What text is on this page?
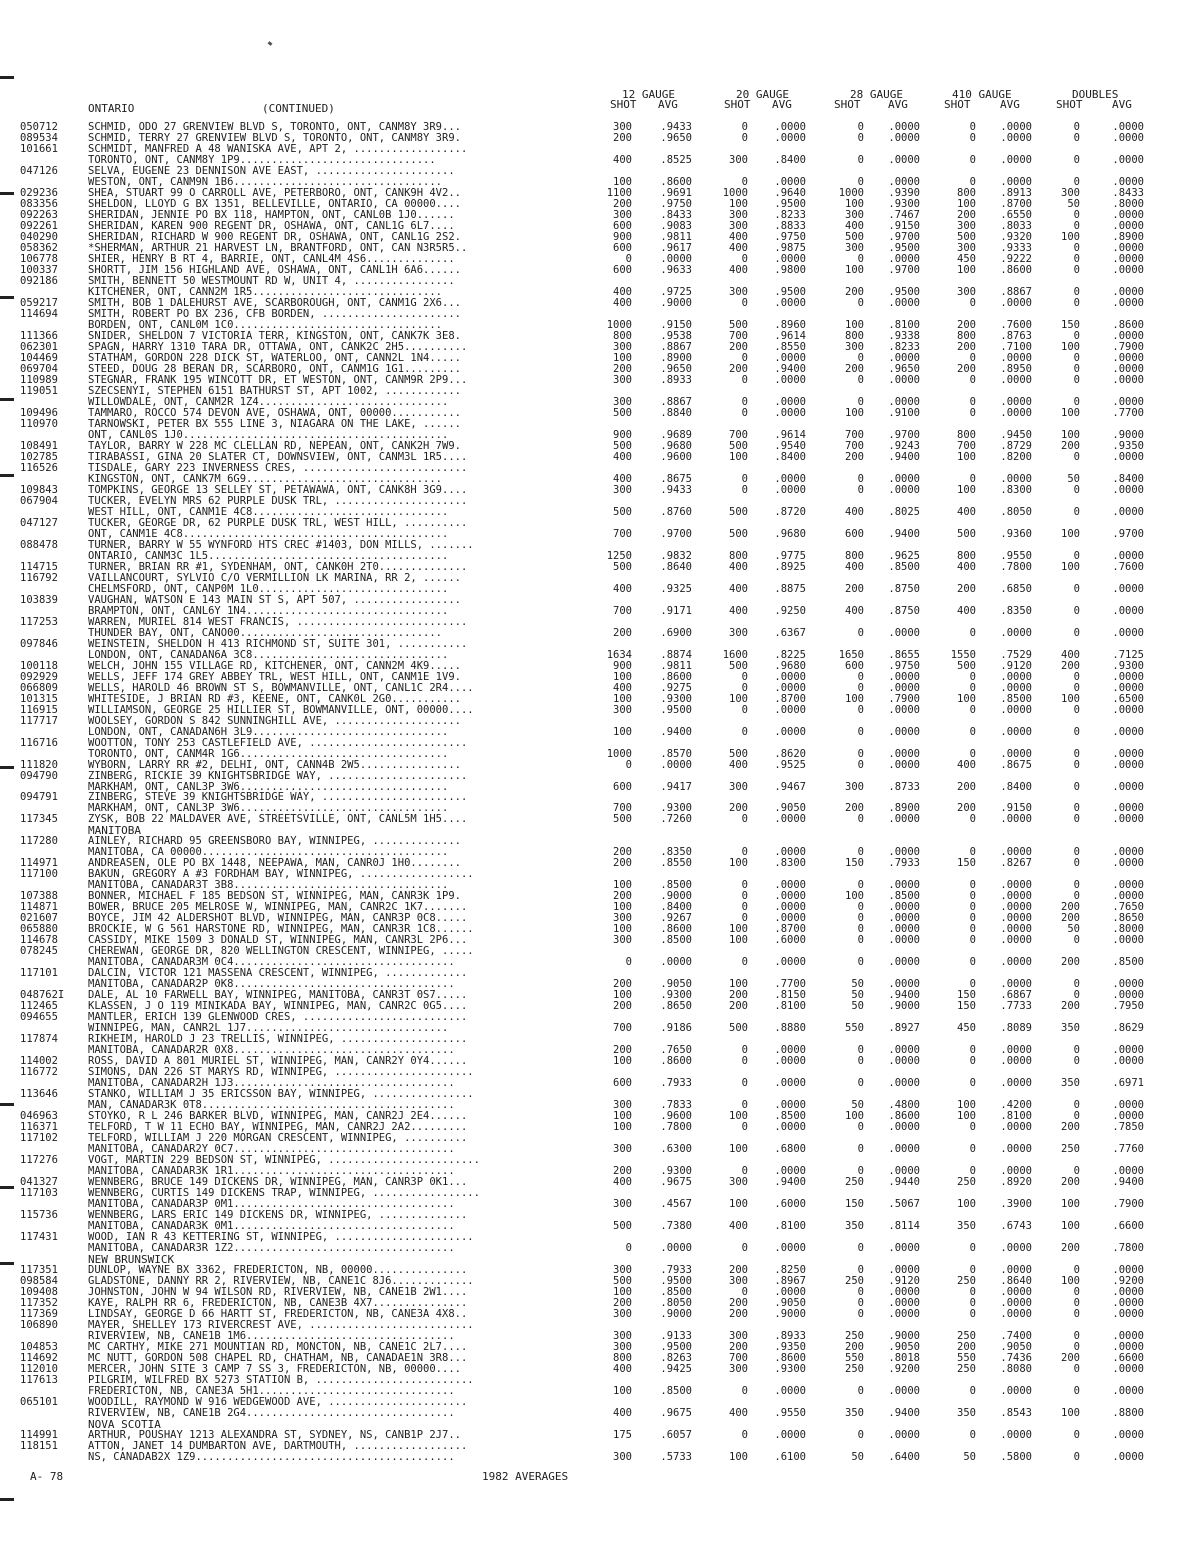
ONTARIO	(CONTINUED)
12 GAUGE	20 GAUGE	28 GAUGE	410 GAUGE	DOUBLES
SHOT AVG	SHOT AVG	SHOT	AVG	SHOT	AVG	SHOT	AVG
050712	SCHMID, ODO 27 GRENVIEW BLVD S, TORONTO, ONT, CANM8Y 3R9...	300	.9433	0	.0000	0 .0000	0 .0000	0	.0000
089534	SCHMID, TERRY 27 GRENVIEW BLVD S, TORONTO, ONT, CANM8Y 3R9.	200	.9650	0	.0000	0 .0000	0 .0000	0	.0000
101661	SCHMIDT, MANFRED A 48 WANISKA AVE, APT 2, ..................
TORONTO, ONT, CANM8Y 1P9...............................	400	.8525	300	.8400	0 .0000	0 .0000	0	.0000
047126	SELVA, EUGENE 23 DENNISON AVE EAST, ......................
WESTON, ONT, CANM9N 1B6.................................	100	.8600	0	.0000	0 .0000	0 .0000	0	.0000
029236	SHEA, STUART 99 O CARROLL AVE, PETERBORO, ONT, CANK9H 4V2..	1100	.9691	1000	.9640	1000 .9390	800 .8913	300	.8433
083356	SHELDON, LLOYD G BX 1351, BELLEVILLE, ONTARIO, CA 00000....	200	.9750	100	.9500	100 .9300	100 .8700	50	.8000
092263	SHERIDAN, JENNIE PO BX 118, HAMPTON, ONT, CANL0B 1J0......	300	.8433	300	.8233	300 .7467	200 .6550	0	.0000
092261	SHERIDAN, KAREN 900 REGENT DR, OSHAWA, ONT, CANL1G 6L7....	600	.9083	300	.8833	400 .9150	300 .8033	0	.0000
040290	SHERIDAN, RICHARD W 900 REGENT DR, OSHAWA, ONT, CANL1G 2S2.	900	.9811	400	.9750	500 .9700	500 .9320	100	.8900
058362	*SHERMAN, ARTHUR 21 HARVEST LN, BRANTFORD, ONT, CAN N3R5R5..	600	.9617	400	.9875	300 .9500	300 .9333	0	.0000
106778	SHIER, HENRY B RT 4, BARRIE, ONT, CANL4M 4S6..............	0	.0000	0	.0000	0 .0000	450 .9222	0	.0000
100337	SHORTT, JIM 156 HIGHLAND AVE, OSHAWA, ONT, CANL1H 6A6......	600	.9633	400	.9800	100 .9700	100 .8600	0	.0000
092186	SMITH, BENNETT 50 WESTMOUNT RD W, UNIT 4, ................
KITCHENER, ONT, CANN2M 1R5..............................	400	.9725	300	.9500	200 .9500	300 .8867	0	.0000
059217	SMITH, BOB 1 DALEHURST AVE, SCARBOROUGH, ONT, CANM1G 2X6...	400	.9000	0	.0000	0 .0000	0 .0000	0	.0000
114694	SMITH, ROBERT PO BX 236, CFB BORDEN, ......................
BORDEN, ONT, CANL0M 1C0.................................	1000	.9150	500	.8960	100 .8100	200 .7600	150	.8600
111366	SNIDER, SHELDON 7 VICTORIA TERR, KINGSTON, ONT, CANK7K 3E8.	800	.9538	700	.9614	800 .9338	800 .8763	0	.0000
062301	SPAGN, HARRY 1310 TARA DR, OTTAWA, ONT, CANK2C 2H5..........	300	.8867	200	.8550	300 .8233	200 .7100	100	.7900
104469	STATHAM, GORDON 228 DICK ST, WATERLOO, ONT, CANN2L 1N4.....	100	.8900	0	.0000	0 .0000	0 .0000	0	.0000
069704	STEED, DOUG 28 BERAN DR, SCARBORO, ONT, CANM1G 1G1.........	200	.9650	200	.9400	200 .9650	200 .8950	0	.0000
110989	STEGNAR, FRANK 195 WINCOTT DR, ET WESTON, ONT, CANM9R 2P9...	300	.8933	0	.0000	0 .0000	0 .0000	0	.0000
119051	SZECSENYI, STEPHEN 6151 BATHURST ST, APT 1002, ............
WILLOWDALE, ONT, CANM2R 1Z4..............................	300	.8867	0	.0000	0 .0000	0 .0000	0	.0000
109496	TAMMARO, ROCCO 574 DEVON AVE, OSHAWA, ONT, 00000...........	500	.8840	0	.0000	100 .9100	0 .0000	100	.7700
110970	TARNOWSKI, PETER BX 555 LINE 3, NIAGARA ON THE LAKE, ......
ONT, CANL0S 1J0..........................................	900	.9689	700	.9614	700 .9700	800 .9450	100	.9000
108491	TAYLOR, BARRY W 228 MC CLELLAN RD, NEPEAN, ONT, CANK2H 7W9.	500	.9680	500	.9540	700 .9243	700 .8729	200	.9350
102785	TIRABASSI, GINA 20 SLATER CT, DOWNSVIEW, ONT, CANM3L 1R5....	400	.9600	100	.8400	200 .9400	100 .8200	0	.0000
116526	TISDALE, GARY 223 INVERNESS CRES, ..........................
KINGSTON, ONT, CANK7M 6G9...............................	400	.8675	0	.0000	0 .0000	0 .0000	50	.8400
109843	TOMPKINS, GEORGE 13 SELLEY ST, PETAWAWA, ONT, CANK8H 3G9....	300	.9433	0	.0000	0 .0000	100 .8300	0	.0000
067904	TUCKER, EVELYN MRS 62 PURPLE DUSK TRL, .....................
WEST HILL, ONT, CANM1E 4C8...............................	500	.8760	500	.8720	400 .8025	400 .8050	0	.0000
047127	TUCKER, GEORGE DR, 62 PURPLE DUSK TRL, WEST HILL, ..........
ONT, CANM1E 4C8..........................................	700	.9700	500	.9680	600 .9400	500 .9360	100	.9700
088478	TURNER, BARRY W 55 WYNFORD HTS CREC #1403, DON MILLS, .......
ONTARIO, CANM3C 1L5......................................	1250	.9832	800	.9775	800 .9625	800 .9550	0	.0000
114715	TURNER, BRIAN RR #1, SYDENHAM, ONT, CANK0H 2T0..............	500	.8640	400	.8925	400 .8500	400 .7800	100	.7600
116792	VAILLANCOURT, SYLVIO C/O VERMILLION LK MARINA, RR 2, ......
CHELMSFORD, ONT, CANP0M 1L0..............................	400	.9325	400	.8875	200 .8750	200 .6850	0	.0000
103839	VAUGHAN, WATSON E 143 MAIN ST S, APT 507, .................
BRAMPTON, ONT, CANL6Y 1N4................................	700	.9171	400	.9250	400 .8750	400 .8350	0	.0000
117253	WARREN, MURIEL 814 WEST FRANCIS, ...........................
THUNDER BAY, ONT, CANO00................................	200	.6900	300	.6367	0 .0000	0 .0000	0	.0000
097846	WEINSTEIN, SHELDON H 413 RICHMOND ST, SUITE 301, ...........
LONDON, ONT, CANADAN6A 3C8...............................	1634	.8874	1600	.8225	1650 .8655	1550 .7529	400	.7125
100118	WELCH, JOHN 155 VILLAGE RD, KITCHENER, ONT, CANN2M 4K9.....	900	.9811	500	.9680	600 .9750	500 .9120	200	.9300
092929	WELLS, JEFF 174 GREY ABBEY TRL, WEST HILL, ONT, CANM1E 1V9.	100	.8600	0	.0000	0 .0000	0 .0000	0	.0000
066809	WELLS, HAROLD 46 BROWN ST S, BOWMANVILLE, ONT, CANL1C 2R4....	400	.9275	0	.0000	0 .0000	0 .0000	0	.0000
101315	WHITESIDE, J BRIAN RD #3, KEENE, ONT, CANK0L 2G0...........	100	.9300	100	.8700	100 .7900	100 .8500	100	.6500
116915	WILLIAMSON, GEORGE 25 HILLIER ST, BOWMANVILLE, ONT, 00000....	300	.9500	0	.0000	0 .0000	0 .0000	0	.0000
117717	WOOLSEY, GORDON S 842 SUNNINGHILL AVE, ....................
LONDON, ONT, CANADAN6H 3L9...............................	100	.9400	0	.0000	0 .0000	0 .0000	0	.0000
116716	WOOTTON, TONY 253 CASTLEFIELD AVE, .........................
TORONTO, ONT, CANM4R 1G6.................................	1000	.8570	500	.8620	0 .0000	0 .0000	0	.0000
111820	WYBORN, LARRY RR #2, DELHI, ONT, CANN4B 2W5................	0	.0000	400	.9525	0 .0000	400 .8675	0	.0000
094790	ZINBERG, RICKIE 39 KNIGHTSBRIDGE WAY, ......................
MARKHAM, ONT, CANL3P 3W6.................................	600	.9417	300	.9467	300 .8733	200 .8400	0	.0000
094791	ZINBERG, STEVE 39 KNIGHTSBRIDGE WAY, .......................
MARKHAM, ONT, CANL3P 3W6.................................	700	.9300	200	.9050	200 .8900	200 .9150	0	.0000
117345	ZYSK, BOB 22 MALDAVER AVE, STREETSVILLE, ONT, CANL5M 1H5....	500	.7260	0	.0000	0 .0000	0 .0000	0	.0000
MANITOBA
117280	AINLEY, RICHARD 95 GREENSBORO BAY, WINNIPEG, ..............
MANITOBA, CA 00000.......................................	200	.8350	0	.0000	0 .0000	0 .0000	0	.0000
114971	ANDREASEN, OLE PO BX 1448, NEEPAWA, MAN, CANR0J 1H0........	200	.8550	100	.8300	150 .7933	150 .8267	0	.0000
117100	BAKUN, GREGORY A #3 FORDHAM BAY, WINNIPEG, ..................
MANITOBA, CANADAR3T 3B8..................................	100	.8500	0	.0000	0 .0000	0 .0000	0	.0000
107388	BONNER, MICHAEL F 185 BEDSON ST, WINNIPEG, MAN, CANR3K 1P9.	200	.9000	0	.0000	100 .8500	0 .0000	0	.0000
114871	BOWER, BRUCE 205 MELROSE W, WINNIPEG, MAN, CANR2C 1K7.......	100	.8400	0	.0000	0 .0000	0 .0000	200	.7650
021607	BOYCE, JIM 42 ALDERSHOT BLVD, WINNIPEG, MAN, CANR3P 0C8.....	300	.9267	0	.0000	0 .0000	0 .0000	200	.8650
065880	BROCKIE, W G 561 HARSTONE RD, WINNIPEG, MAN, CANR3R 1C8......	100	.8600	100	.8700	0 .0000	0 .0000	50	.8000
114678	CASSIDY, MIKE 1509 3 DONALD ST, WINNIPEG, MAN, CANR3L 2P6...	300	.8500	100	.6000	0 .0000	0 .0000	0	.0000
078245	CHEREWAN, GEORGE DR, 820 WELLINGTON CRESCENT, WINNIPEG, .....
MANITOBA, CANADAR3M 0C4...................................	0	.0000	0	.0000	0 .0000	0 .0000	200	.8500
117101	DALCIN, VICTOR 121 MASSENA CRESCENT, WINNIPEG, .............
MANITOBA, CANADAR2P 0K8...................................	200	.9050	100	.7700	50 .0000	0 .0000	0	.0000
048762I DALE, AL 10 FARWELL BAY, WINNIPEG, MANITOBA, CANR3T 0S7.....	100	.9300	200	.8150	50 .9400	150 .6867	0	.0000
112465	KLASSEN, J O 119 MINIKADA BAY, WINNIPEG, MAN, CANR2C 0G5....	200	.8650	200	.8100	50 .9000	150 .7733	200	.7950
094655	MANTLER, ERICH 139 GLENWOOD CRES, ..........................
WINNIPEG, MAN, CANR2L 1J7................................	700	.9186	500	.8880	550 .8927	450 .8089	350	.8629
117874	RIKHEIM, HAROLD J 23 TRELLIS, WINNIPEG, ....................
MANITOBA, CANADAR2R 0X8...................................	200	.7650	0	.0000	0 .0000	0 .0000	0	.0000
114002	ROSS, DAVID A 801 MURIEL ST, WINNIPEG, MAN, CANR2Y 0Y4......	100	.8600	0	.0000	0 .0000	0 .0000	0	.0000
116772	SIMONS, DAN 226 ST MARYS RD, WINNIPEG, ......................
MANITOBA, CANADAR2H 1J3...................................	600	.7933	0	.0000	0 .0000	0 .0000	350	.6971
113646	STANKO, WILLIAM J 35 ERICSSON BAY, WINNIPEG, ................
MAN, CANADAR3K 0T8........................................	300	.7833	0	.0000	50 .4800	100 .4200	0	.0000
046963	STOYKO, R L 246 BARKER BLVD, WINNIPEG, MAN, CANR2J 2E4......	100	.9600	100	.8500	100 .8600	100 .8100	0	.0000
116371	TELFORD, T W 11 ECHO BAY, WINNIPEG, MAN, CANR2J 2A2.........	100	.7800	0	.0000	0 .0000	0 .0000	200	.7850
117102	TELFORD, WILLIAM J 220 MORGAN CRESCENT, WINNIPEG, ..........
MANITOBA, CANADAR2Y 0C7...................................	300	.6300	100	.6800	0 .0000	0 .0000	250	.7760
117276	VOGT, MARTIN 229 BEDSON ST, WINNIPEG, ........................
MANITOBA, CANADAR3K 1R1...................................	200	.9300	0	.0000	0 .0000	0 .0000	0	.0000
041327	WENNBERG, BRUCE 149 DICKENS DR, WINNIPEG, MAN, CANR3P 0K1...	400	.9675	300	.9400	250 .9440	250 .8920	200	.9400
117103	WENNBERG, CURTIS 149 DICKENS TRAP, WINNIPEG, .................
MANITOBA, CANADAR3P 0M1...................................	300	.4567	100	.6000	150 .5067	100 .3900	100	.7900
115736	WENNBERG, LARS ERIC 149 DICKENS DR, WINNIPEG, ..............
MANITOBA, CANADAR3K 0M1...................................	500	.7380	400	.8100	350 .8114	350 .6743	100	.6600
117431	WOOD, IAN R 43 KETTERING ST, WINNIPEG, ......................
MANITOBA, CANADAR3R 1Z2...................................	0	.0000	0	.0000	0 .0000	0 .0000	200	.7800
NEW BRUNSWICK
117351	DUNLOP, WAYNE BX 3362, FREDERICTON, NB, 00000...............	300	.7933	200	.8250	0 .0000	0 .0000	0	.0000
098584	GLADSTONE, DANNY RR 2, RIVERVIEW, NB, CANE1C 8J6.............	500	.9500	300	.8967	250 .9120	250 .8640	100	.9200
109408	JOHNSTON, JOHN W 94 WILSON RD, RIVERVIEW, NB, CANE1B 2W1....	100	.8500	0	.0000	0 .0000	0 .0000	0	.0000
117352	KAYE, RALPH RR 6, FREDERICTON, NB, CANE3B 4X7...............	200	.8050	200	.9050	0 .0000	0 .0000	0	.0000
117369	LINDSAY, GEORGE D 66 HARTT ST, FREDERICTON, NB, CANE3A 4X8..	300	.9000	200	.9000	0 .0000	0 .0000	0	.0000
106890	MAYER, SHELLEY 173 RIVERCREST AVE, ..........................
RIVERVIEW, NB, CANE1B 1M6.................................	300	.9133	300	.8933	250 .9000	250 .7400	0	.0000
104853	MC CARTHY, MIKE 271 MOUNTIAN RD, MONCTON, NB, CANE1C 2L7....	300	.9500	200	.9350	200 .9050	200 .9050	0	.0000
114692	MC NUTT, GORDON 508 CHAPEL RD, CHATHAM, NB, CANADAE1N 3R8...	800	.8263	700	.8600	550 .8018	550 .7436	200	.6600
112010	MERCER, JOHN SITE 3 CAMP 7 SS 3, FREDERICTON, NB, 00000....	400	.9425	300	.9300	250 .9200	250 .8080	0	.0000
117613	PILGRIM, WILFRED BX 5273 STATION B, .........................
FREDERICTON, NB, CANE3A 5H1...............................	100	.8500	0	.0000	0 .0000	0 .0000	0	.0000
065101	WOODILL, RAYMOND W 916 WEDGEWOOD AVE, ......................
RIVERVIEW, NB, CANE1B 2G4.................................	400	.9675	400	.9550	350 .9400	350 .8543	100	.8800
NOVA SCOTIA
114991	ARTHUR, POUSHAY 1213 ALEXANDRA ST, SYDNEY, NS, CANB1P 2J7..	175	.6057	0	.0000	0 .0000	0 .0000	0	.0000
118151	ATTON, JANET 14 DUMBARTON AVE, DARTMOUTH, ..................
NS, CANADAB2X 1Z9.........................................	300	.5733	100	.6100	50 .6400	50 .5800	0	.0000
A- 78	1982 AVERAGES
